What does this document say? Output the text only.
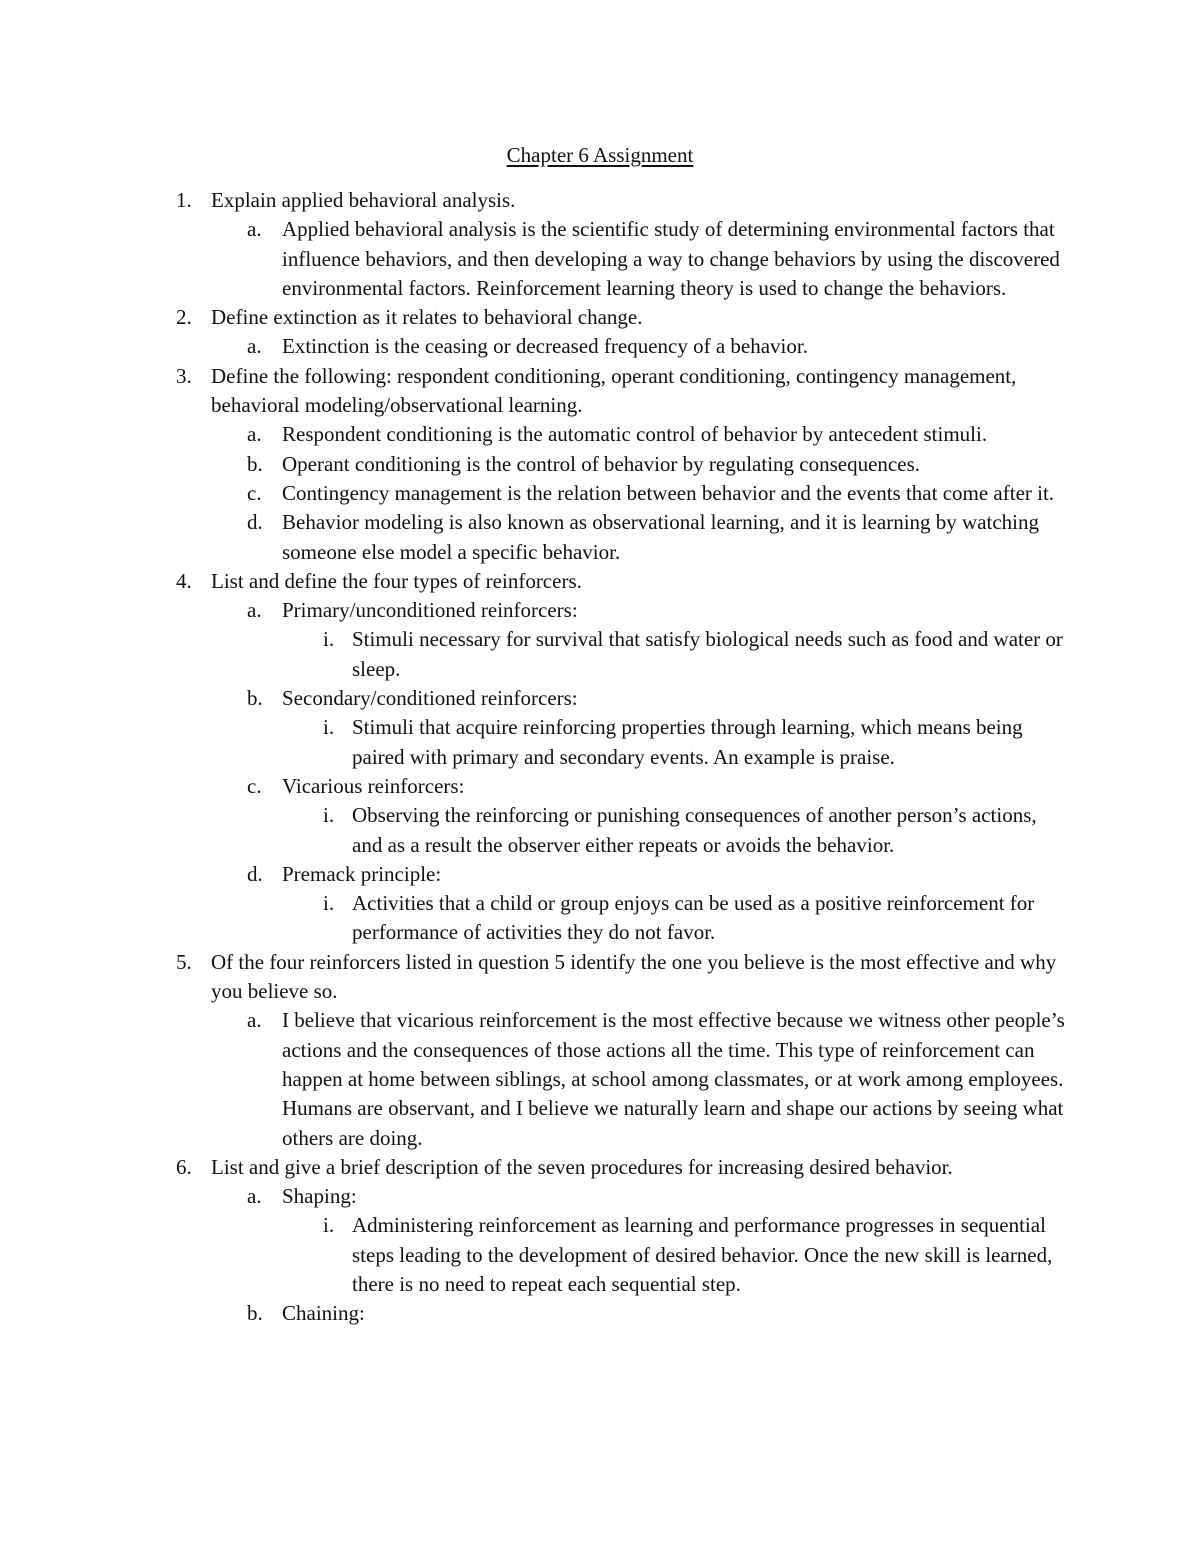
Chapter 6 Assignment
1. Explain applied behavioral analysis.
a. Applied behavioral analysis is the scientific study of determining environmental factors that influence behaviors, and then developing a way to change behaviors by using the discovered environmental factors. Reinforcement learning theory is used to change the behaviors.
2. Define extinction as it relates to behavioral change.
a. Extinction is the ceasing or decreased frequency of a behavior.
3. Define the following: respondent conditioning, operant conditioning, contingency management, behavioral modeling/observational learning.
a. Respondent conditioning is the automatic control of behavior by antecedent stimuli.
b. Operant conditioning is the control of behavior by regulating consequences.
c. Contingency management is the relation between behavior and the events that come after it.
d. Behavior modeling is also known as observational learning, and it is learning by watching someone else model a specific behavior.
4. List and define the four types of reinforcers.
a. Primary/unconditioned reinforcers:
i. Stimuli necessary for survival that satisfy biological needs such as food and water or sleep.
b. Secondary/conditioned reinforcers:
i. Stimuli that acquire reinforcing properties through learning, which means being paired with primary and secondary events. An example is praise.
c. Vicarious reinforcers:
i. Observing the reinforcing or punishing consequences of another person’s actions, and as a result the observer either repeats or avoids the behavior.
d. Premack principle:
i. Activities that a child or group enjoys can be used as a positive reinforcement for performance of activities they do not favor.
5. Of the four reinforcers listed in question 5 identify the one you believe is the most effective and why you believe so.
a. I believe that vicarious reinforcement is the most effective because we witness other people’s actions and the consequences of those actions all the time. This type of reinforcement can happen at home between siblings, at school among classmates, or at work among employees. Humans are observant, and I believe we naturally learn and shape our actions by seeing what others are doing.
6. List and give a brief description of the seven procedures for increasing desired behavior.
a. Shaping:
i. Administering reinforcement as learning and performance progresses in sequential steps leading to the development of desired behavior. Once the new skill is learned, there is no need to repeat each sequential step.
b. Chaining:
